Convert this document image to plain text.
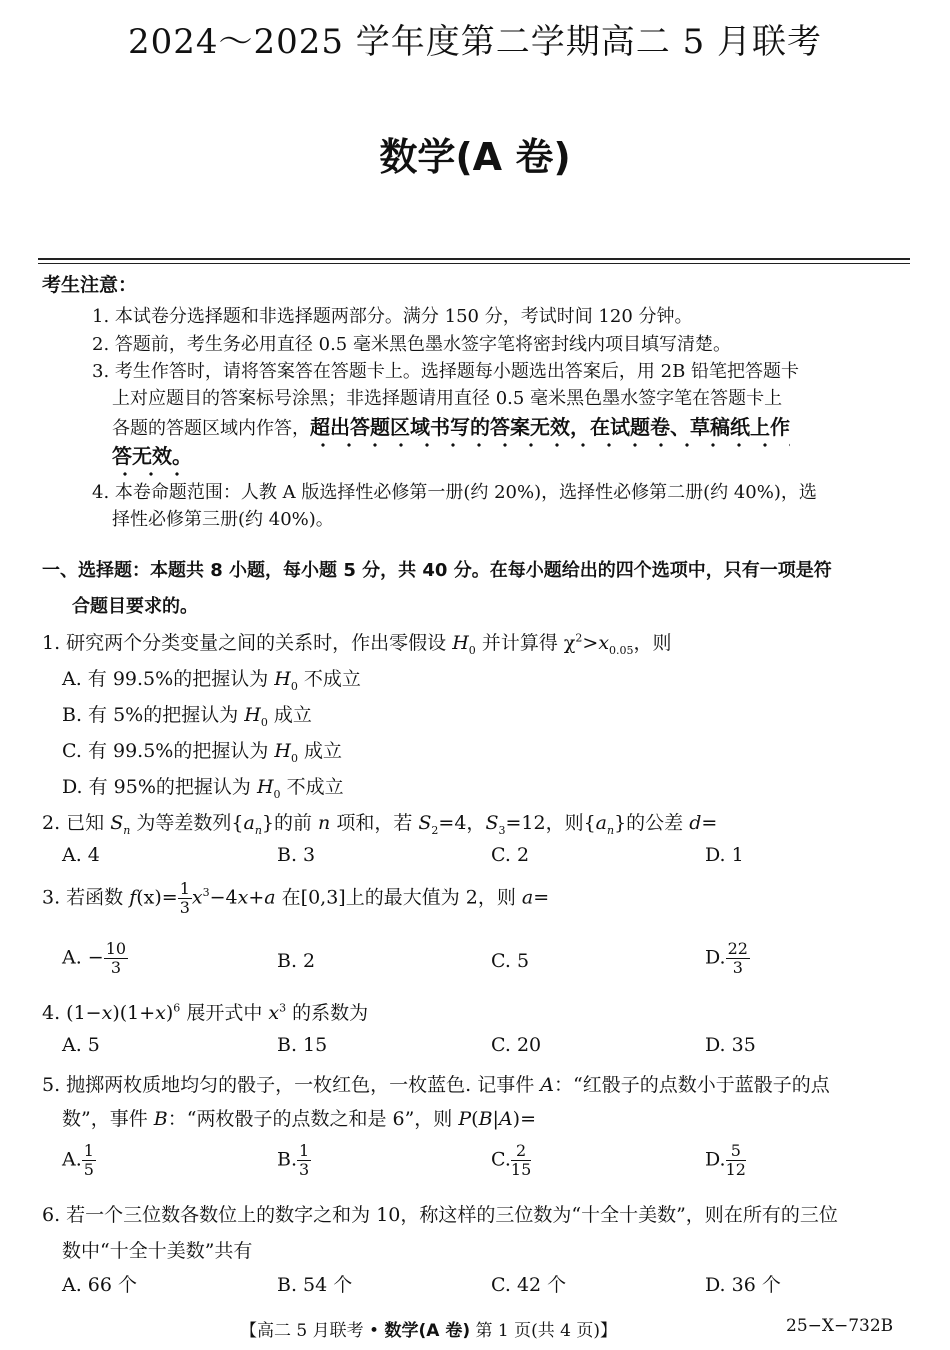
2024～2025 学年度第二学期高二 5 月联考
数学(A 卷)
考生注意：
1. 本试卷分选择题和非选择题两部分。满分 150 分，考试时间 120 分钟。
2. 答题前，考生务必用直径 0.5 毫米黑色墨水签字笔将密封线内项目填写清楚。
3. 考生作答时，请将答案答在答题卡上。选择题每小题选出答案后，用 2B 铅笔把答题卡
上对应题目的答案标号涂黑；非选择题请用直径 0.5 毫米黑色墨水签字笔在答题卡上
各题的答题区域内作答，超出答题区域书写的答案无效，在试题卷、草稿纸上作
答无效。
4. 本卷命题范围：人教 A 版选择性必修第一册(约 20%)，选择性必修第二册(约 40%)，选
择性必修第三册(约 40%)。
一、选择题：本题共 8 小题，每小题 5 分，共 40 分。在每小题给出的四个选项中，只有一项是符
合题目要求的。
1. 研究两个分类变量之间的关系时，作出零假设 $H_0$ 并计算得 $\chi^2>x_{0.05}$，则
A. 有 99.5%的把握认为 $H_0$ 不成立
B. 有 5%的把握认为 $H_0$ 成立
C. 有 99.5%的把握认为 $H_0$ 成立
D. 有 95%的把握认为 $H_0$ 不成立
2. 已知 $S_n$ 为等差数列$\{a_n\}$的前 n 项和，若 $S_2=4$，$S_3=12$，则$\{a_n\}$的公差 d=
A. 4	B. 3	C. 2	D. 1
3. 若函数 $f(x)= \frac{1}{3} x^3-4x+a$ 在[0,3]上的最大值为 2，则 a=
A. − $\frac{10}{3}$	B. 2	C. 5	D. $\frac{22}{3}$
4. $(1-x)(1+x)^6$ 展开式中 $x^3$ 的系数为
A. 5	B. 15	C. 20	D. 35
5. 抛掷两枚质地均匀的骰子，一枚红色，一枚蓝色. 记事件 A：“红骰子的点数小于蓝骰子的点
数”，事件 B：“两枚骰子的点数之和是 6”，则 P(B|A)=
A. $\frac{1}{5}$	B. $\frac{1}{3}$	C. $\frac{2}{15}$	D. $\frac{5}{12}$
6. 若一个三位数各数位上的数字之和为 10，称这样的三位数为“十全十美数”，则在所有的三位
数中“十全十美数”共有
A. 66 个	B. 54 个	C. 42 个	D. 36 个
【高二 5 月联考 • 数学(A 卷) 第 1 页(共 4 页)】	25−X−732B
